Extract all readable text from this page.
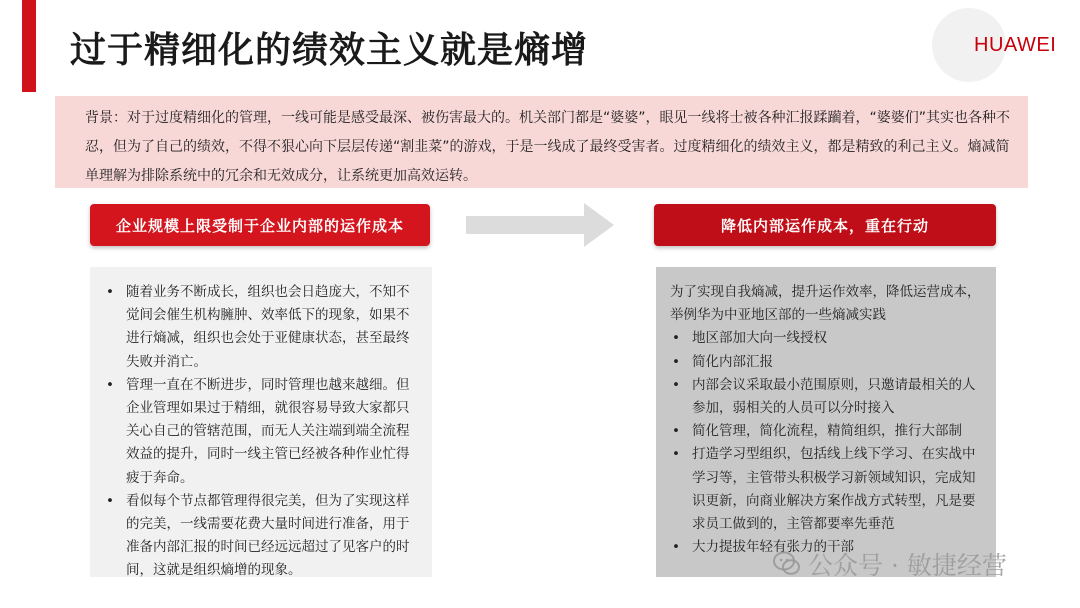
过于精细化的绩效主义就是熵增	HUAWEI
背景：对于过度精细化的管理，一线可能是感受最深、被伤害最大的。机关部门都是“婆婆”，眼见一线将士被各种汇报蹂躏着，“婆婆们”其实也各种不忍，但为了自己的绩效，不得不狠心向下层层传递“割韭菜”的游戏，于是一线成了最终受害者。过度精细化的绩效主义，都是精致的利己主义。熵减简单理解为排除系统中的冗余和无效成分，让系统更加高效运转。
企业规模上限受制于企业内部的运作成本	降低内部运作成本，重在行动
• 随着业务不断成长，组织也会日趋庞大，不知不觉间会催生机构臃肿、效率低下的现象，如果不进行熵减，组织也会处于亚健康状态，甚至最终失败并消亡。
• 管理一直在不断进步，同时管理也越来越细。但企业管理如果过于精细，就很容易导致大家都只关心自己的管辖范围，而无人关注端到端全流程效益的提升，同时一线主管已经被各种作业忙得疲于奔命。
• 看似每个节点都管理得很完美，但为了实现这样的完美，一线需要花费大量时间进行准备，用于准备内部汇报的时间已经远远超过了见客户的时间，这就是组织熵增的现象。
为了实现自我熵减，提升运作效率，降低运营成本，举例华为中亚地区部的一些熵减实践
• 地区部加大向一线授权
• 简化内部汇报
• 内部会议采取最小范围原则，只邀请最相关的人参加，弱相关的人员可以分时接入
• 简化管理，简化流程，精简组织，推行大部制
• 打造学习型组织，包括线上线下学习、在实战中学习等，主管带头积极学习新领域知识，完成知识更新，向商业解决方案作战方式转型，凡是要求员工做到的，主管都要率先垂范
• 大力提拔年轻有张力的干部
公众号 · 敏捷经营
